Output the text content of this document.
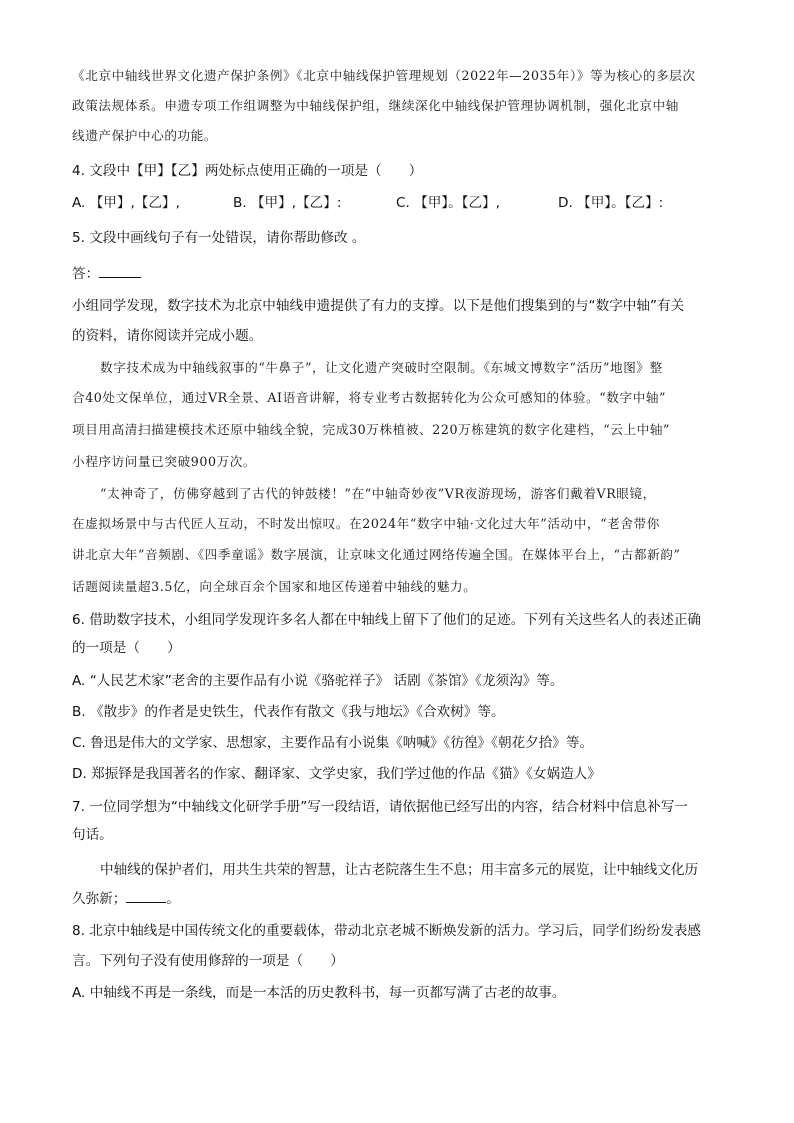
《北京中轴线世界文化遗产保护条例》《北京中轴线保护管理规划（2022年—2035年）》等为核心的多层次
政策法规体系。申遗专项工作组调整为中轴线保护组，继续深化中轴线保护管理协调机制，强化北京中轴
线遗产保护中心的功能。
4. 文段中【甲】【乙】两处标点使用正确的一项是（　　）
A. 【甲】,【乙】,	B. 【甲】,【乙】:	C. 【甲】。【乙】,	D. 【甲】。【乙】:
5. 文段中画线句子有一处错误，请你帮助修改 。
答：
小组同学发现，数字技术为北京中轴线申遗提供了有力的支撑。以下是他们搜集到的与“数字中轴”有关
的资料，请你阅读并完成小题。
数字技术成为中轴线叙事的“牛鼻子”，让文化遗产突破时空限制。《东城文博数字“活历”地图》整
合40处文保单位，通过VR全景、AI语音讲解，将专业考古数据转化为公众可感知的体验。“数字中轴”
项目用高清扫描建模技术还原中轴线全貌，完成30万株植被、220万栋建筑的数字化建档，“云上中轴”
小程序访问量已突破900万次。
“太神奇了，仿佛穿越到了古代的钟鼓楼！”在“中轴奇妙夜”VR夜游现场，游客们戴着VR眼镜，
在虚拟场景中与古代匠人互动，不时发出惊叹。在2024年“数字中轴·文化过大年”活动中，“老舍带你
讲北京大年”音频剧、《四季童谣》数字展演，让京味文化通过网络传遍全国。在媒体平台上，“古都新韵”
话题阅读量超3.5亿，向全球百余个国家和地区传递着中轴线的魅力。
6. 借助数字技术，小组同学发现许多名人都在中轴线上留下了他们的足迹。下列有关这些名人的表述正确
的一项是（　　）
A. “人民艺术家”老舍的主要作品有小说《骆驼祥子》 话剧《茶馆》《龙须沟》等。
B. 《散步》的作者是史铁生，代表作有散文《我与地坛》《合欢树》等。
C. 鲁迅是伟大的文学家、思想家，主要作品有小说集《呐喊》《彷徨》《朝花夕拾》等。
D. 郑振铎是我国著名的作家、翻译家、文学史家，我们学过他的作品《猫》《女娲造人》
7. 一位同学想为“中轴线文化研学手册”写一段结语，请依据他已经写出的内容，结合材料中信息补写一
句话。
中轴线的保护者们，用共生共荣的智慧，让古老院落生生不息；用丰富多元的展览，让中轴线文化历
久弥新；	。
8. 北京中轴线是中国传统文化的重要载体，带动北京老城不断焕发新的活力。学习后，同学们纷纷发表感
言。下列句子没有使用修辞的一项是（　　）
A. 中轴线不再是一条线，而是一本活的历史教科书，每一页都写满了古老的故事。
